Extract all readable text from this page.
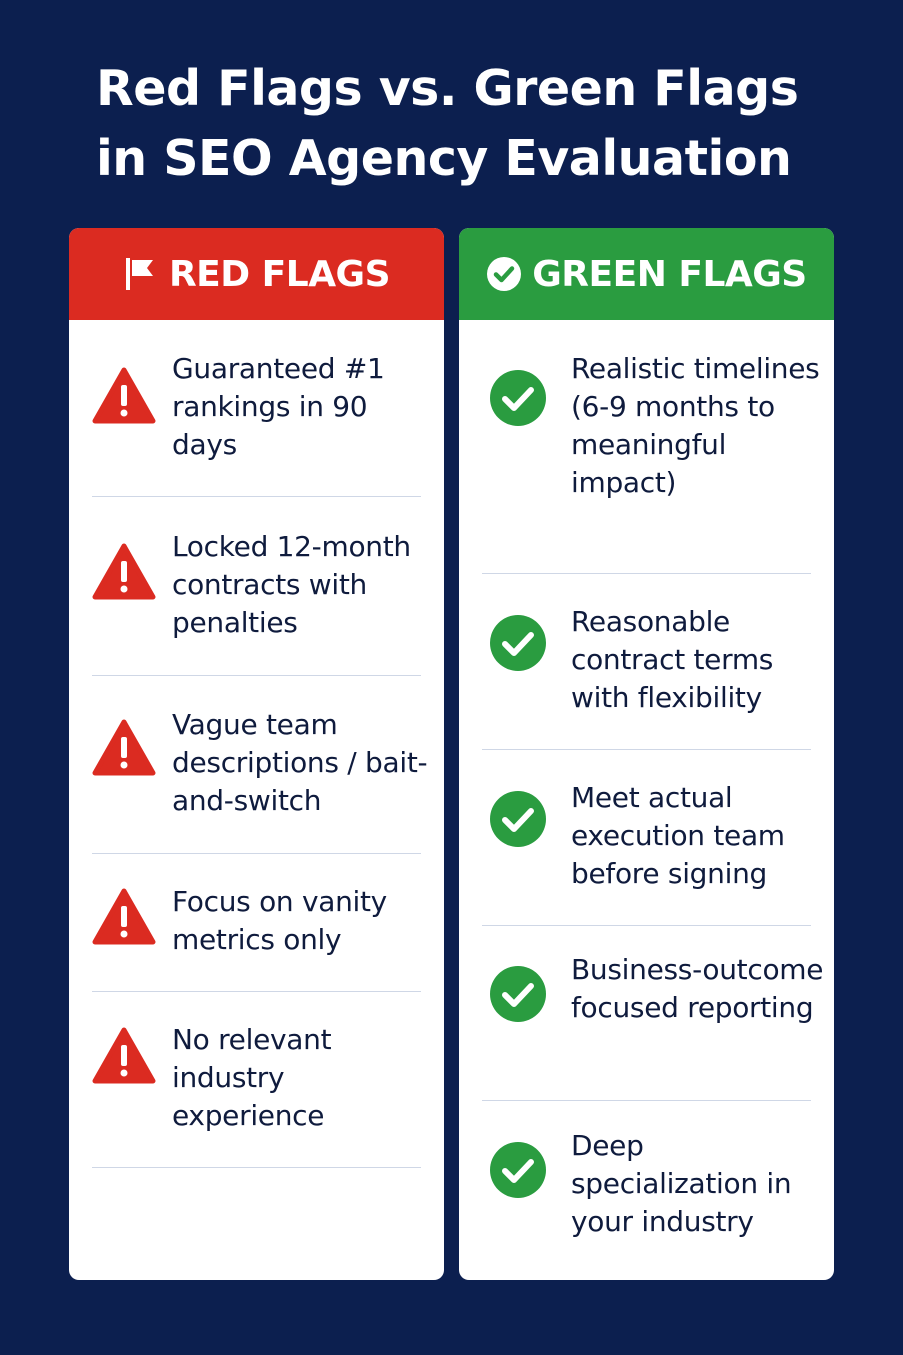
Red Flags vs. Green Flags in SEO Agency Evaluation
RED FLAGS

Guaranteed #1 rankings in 90 days

Locked 12-month contracts with penalties

Vague team descriptions / bait-and-switch

Focus on vanity metrics only

No relevant industry experience

GREEN FLAGS

Realistic timelines (6-9 months to meaningful impact)

Reasonable contract terms with flexibility

Meet actual execution team before signing

Business-outcome focused reporting

Deep specialization in your industry
